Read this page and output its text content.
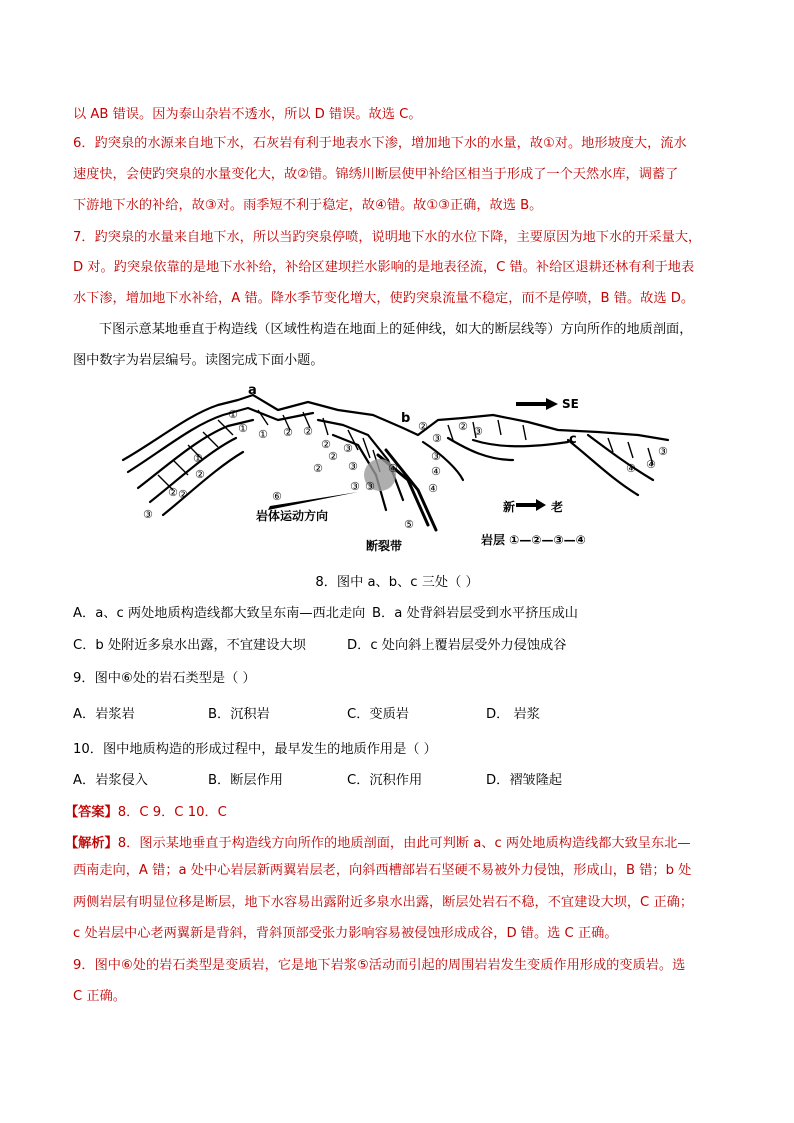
以 AB 错误。因为泰山杂岩不透水，所以 D 错误。故选 C。
6．趵突泉的水源来自地下水，石灰岩有利于地表水下渗，增加地下水的水量，故①对。地形坡度大，流水
速度快，会使趵突泉的水量变化大，故②错。锦绣川断层使甲补给区相当于形成了一个天然水库，调蓄了
下游地下水的补给，故③对。雨季短不利于稳定，故④错。故①③正确，故选 B。
7．趵突泉的水量来自地下水，所以当趵突泉停喷，说明地下水的水位下降，主要原因为地下水的开采量大，
D 对。趵突泉依靠的是地下水补给，补给区建坝拦水影响的是地表径流，C 错。补给区退耕还林有利于地表
水下渗，增加地下水补给，A 错。降水季节变化增大，使趵突泉流量不稳定，而不是停喷，B 错。故选 D。
下图示意某地垂直于构造线（区域性构造在地面上的延伸线，如大的断层线等）方向所作的地质剖面，
图中数字为岩层编号。读图完成下面小题。
a
b
c
SE
新	老
岩层 ①—②—③—④
岩体运动方向
断裂带
①
① ① ② ②
②
②
②
③
③
③ ③
④
①
②
②
②
③
⑥
⑤
②
③
③
④
④
② ③
③
④
④
8．图中 a、b、c 三处（ ）
A．a、c 两处地质构造线都大致呈东南—西北走向 B．a 处背斜岩层受到水平挤压成山
C．b 处附近多泉水出露，不宜建设大坝	D．c 处向斜上覆岩层受外力侵蚀成谷
9．图中⑥处的岩石类型是（ ）
A．岩浆岩	B．沉积岩	C．变质岩	D． 岩浆
10．图中地质构造的形成过程中，最早发生的地质作用是（ ）
A．岩浆侵入	B．断层作用	C．沉积作用	D．褶皱隆起
【答案】8．C 9．C 10．C
【解析】8．图示某地垂直于构造线方向所作的地质剖面，由此可判断 a、c 两处地质构造线都大致呈东北—
西南走向，A 错；a 处中心岩层新两翼岩层老，向斜西槽部岩石坚硬不易被外力侵蚀，形成山，B 错；b 处
两侧岩层有明显位移是断层，地下水容易出露附近多泉水出露，断层处岩石不稳，不宜建设大坝，C 正确；
c 处岩层中心老两翼新是背斜，背斜顶部受张力影响容易被侵蚀形成成谷，D 错。选 C 正确。
9．图中⑥处的岩石类型是变质岩，它是地下岩浆⑤活动而引起的周围岩岩发生变质作用形成的变质岩。选
C 正确。
